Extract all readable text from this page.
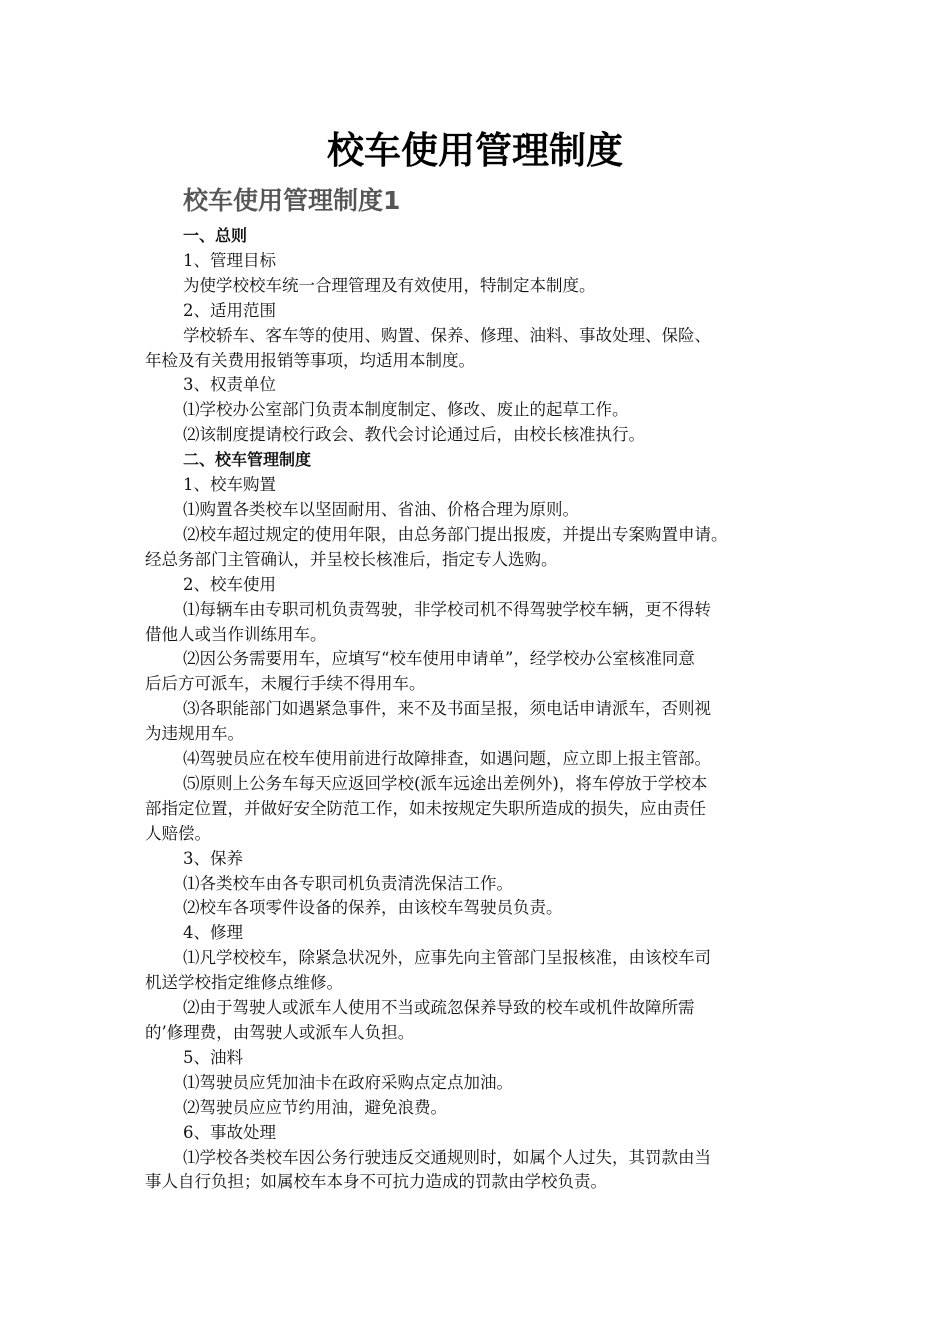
校车使用管理制度
校车使用管理制度1

一、总则

1、管理目标

为使学校校车统一合理管理及有效使用，特制定本制度。

2、适用范围

学校轿车、客车等的使用、购置、保养、修理、油料、事故处理、保险、

年检及有关费用报销等事项，均适用本制度。

3、权责单位

⑴学校办公室部门负责本制度制定、修改、废止的起草工作。

⑵该制度提请校行政会、教代会讨论通过后，由校长核准执行。

二、校车管理制度

1、校车购置

⑴购置各类校车以坚固耐用、省油、价格合理为原则。

⑵校车超过规定的使用年限，由总务部门提出报废，并提出专案购置申请。

经总务部门主管确认，并呈校长核准后，指定专人选购。

2、校车使用

⑴每辆车由专职司机负责驾驶，非学校司机不得驾驶学校车辆，更不得转

借他人或当作训练用车。

⑵因公务需要用车，应填写“校车使用申请单”，经学校办公室核准同意

后后方可派车，未履行手续不得用车。

⑶各职能部门如遇紧急事件，来不及书面呈报，须电话申请派车，否则视

为违规用车。

⑷驾驶员应在校车使用前进行故障排查，如遇问题，应立即上报主管部。

⑸原则上公务车每天应返回学校(派车远途出差例外)，将车停放于学校本

部指定位置，并做好安全防范工作，如未按规定失职所造成的损失，应由责任

人赔偿。

3、保养

⑴各类校车由各专职司机负责清洗保洁工作。

⑵校车各项零件设备的保养，由该校车驾驶员负责。

4、修理

⑴凡学校校车，除紧急状况外，应事先向主管部门呈报核准，由该校车司

机送学校指定维修点维修。

⑵由于驾驶人或派车人使用不当或疏忽保养导致的校车或机件故障所需

的’修理费，由驾驶人或派车人负担。

5、油料

⑴驾驶员应凭加油卡在政府采购点定点加油。

⑵驾驶员应应节约用油，避免浪费。

6、事故处理

⑴学校各类校车因公务行驶违反交通规则时，如属个人过失，其罚款由当

事人自行负担；如属校车本身不可抗力造成的罚款由学校负责。
